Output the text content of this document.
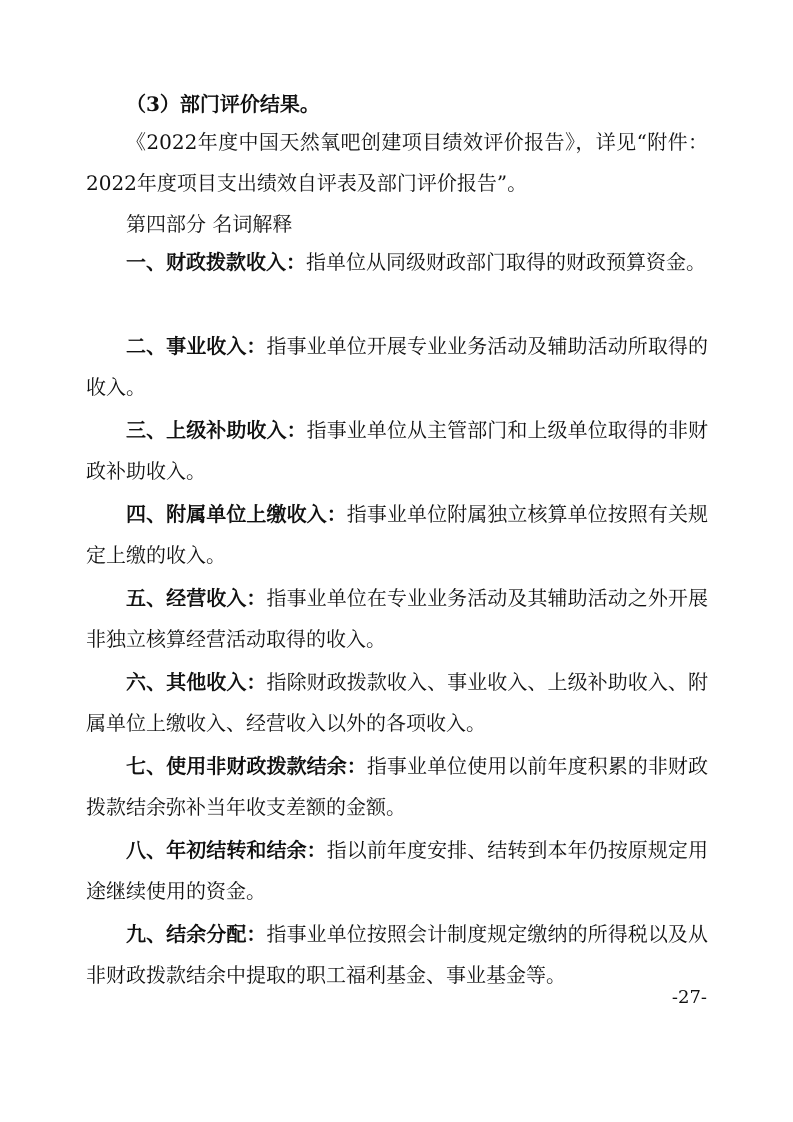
（3）部门评价结果。

《2022年度中国天然氧吧创建项目绩效评价报告》，详见“附件：2022年度项目支出绩效自评表及部门评价报告”。

第四部分 名词解释

一、财政拨款收入：指单位从同级财政部门取得的财政预算资金。

二、事业收入：指事业单位开展专业业务活动及辅助活动所取得的收入。

三、上级补助收入：指事业单位从主管部门和上级单位取得的非财政补助收入。

四、附属单位上缴收入：指事业单位附属独立核算单位按照有关规定上缴的收入。

五、经营收入：指事业单位在专业业务活动及其辅助活动之外开展非独立核算经营活动取得的收入。

六、其他收入：指除财政拨款收入、事业收入、上级补助收入、附属单位上缴收入、经营收入以外的各项收入。

七、使用非财政拨款结余：指事业单位使用以前年度积累的非财政拨款结余弥补当年收支差额的金额。

八、年初结转和结余：指以前年度安排、结转到本年仍按原规定用途继续使用的资金。

九、结余分配：指事业单位按照会计制度规定缴纳的所得税以及从非财政拨款结余中提取的职工福利基金、事业基金等。

-27-
